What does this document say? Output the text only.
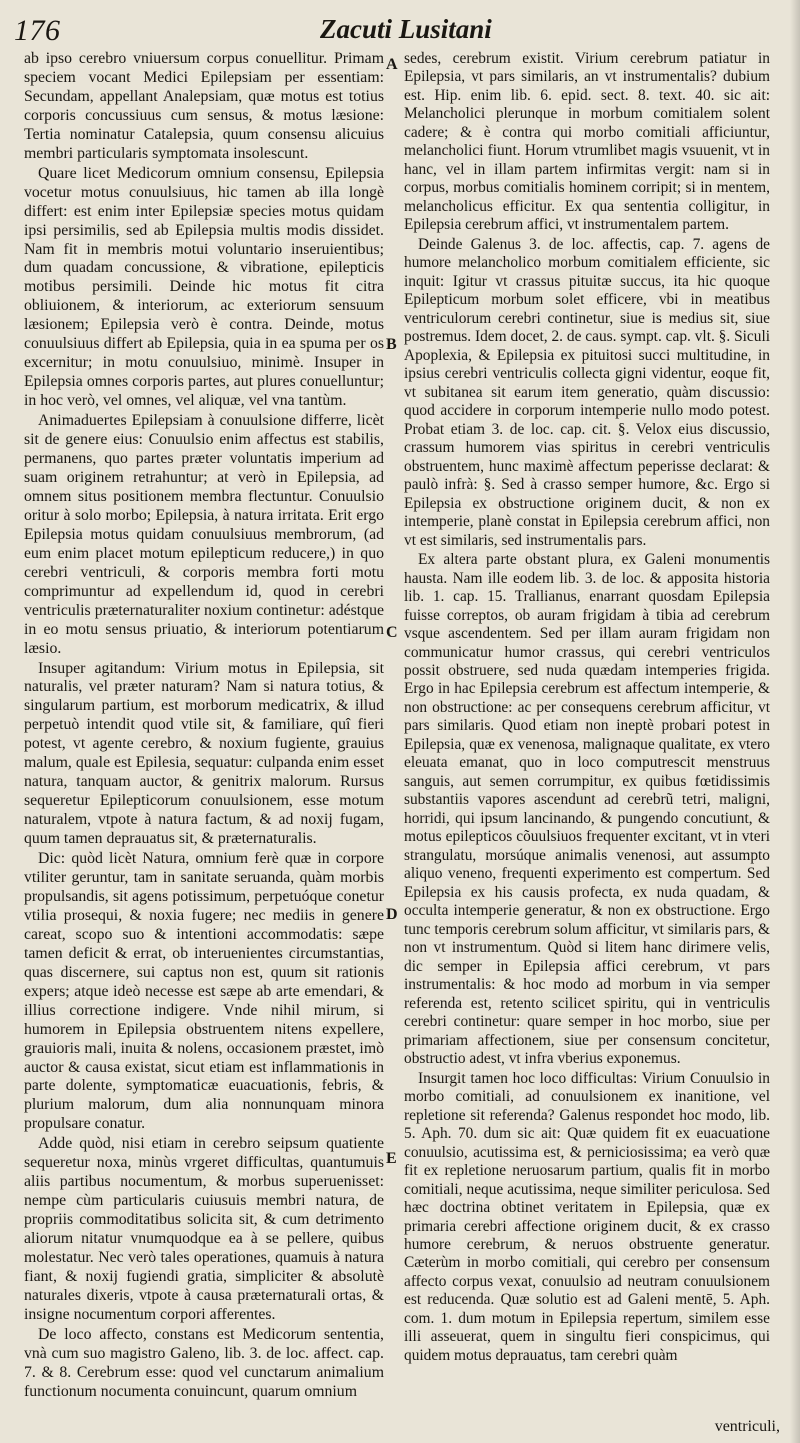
176	Zacuti Lusitani

ab ipso cerebro vniuersum corpus conuellitur. Primam speciem vocant Medici Epilepsiam per essentiam: Secundam, appellant Analepsiam, quæ motus est totius corporis concussiuus cum sensus, & motus læsione: Tertia nominatur Catalepsia, quum consensu alicuius membri particularis symptomata insolescunt.

Quare licet Medicorum omnium consensu, Epilepsia vocetur motus conuulsiuus, hic tamen ab illa longè differt: est enim inter Epilepsiæ species motus quidam ipsi persimilis, sed ab Epilepsia multis modis dissidet. Nam fit in membris motui voluntario inseruientibus; dum quadam concussione, & vibratione, epilepticis motibus persimili. Deinde hic motus fit citra obliuionem, & interiorum, ac exteriorum sensuum læsionem; Epilepsia verò è contra. Deinde, motus conuulsiuus differt ab Epilepsia, quia in ea spuma per os excernitur; in motu conuulsiuo, minimè. Insuper in Epilepsia omnes corporis partes, aut plures conuelluntur; in hoc verò, vel omnes, vel aliquæ, vel vna tantùm.

Animaduertes Epilepsiam à conuulsione differre, licèt sit de genere eius: Conuulsio enim affectus est stabilis, permanens, quo partes præter voluntatis imperium ad suam originem retrahuntur; at verò in Epilepsia, ad omnem situs positionem membra flectuntur. Conuulsio oritur à solo morbo; Epilepsia, à natura irritata. Erit ergo Epilepsia motus quidam conuulsiuus membrorum, (ad eum enim placet motum epilepticum reducere,) in quo cerebri ventriculi, & corporis membra forti motu comprimuntur ad expellendum id, quod in cerebri ventriculis præternaturaliter noxium continetur: adéstque in eo motu sensus priuatio, & interiorum potentiarum læsio.

Insuper agitandum: Virium motus in Epilepsia, sit naturalis, vel præter naturam? Nam si natura totius, & singularum partium, est morborum medicatrix, & illud perpetuò intendit quod vtile sit, & familiare, quî fieri potest, vt agente cerebro, & noxium fugiente, grauius malum, quale est Epilesia, sequatur: culpanda enim esset natura, tanquam auctor, & genitrix malorum. Rursus sequeretur Epilepticorum conuulsionem, esse motum naturalem, vtpote à natura factum, & ad noxij fugam, quum tamen deprauatus sit, & præternaturalis.

Dic: quòd licèt Natura, omnium ferè quæ in corpore vtiliter geruntur, tam in sanitate seruanda, quàm morbis propulsandis, sit agens potissimum, perpetuóque conetur vtilia prosequi, & noxia fugere; nec mediis in genere careat, scopo suo & intentioni accommodatis: sæpe tamen deficit & errat, ob interuenientes circumstantias, quas discernere, sui captus non est, quum sit rationis expers; atque ideò necesse est sæpe ab arte emendari, & illius correctione indigere. Vnde nihil mirum, si humorem in Epilepsia obstruentem nitens expellere, grauioris mali, inuita & nolens, occasionem præstet, imò auctor & causa existat, sicut etiam est inflammationis in parte dolente, symptomaticæ euacuationis, febris, & plurium malorum, dum alia nonnunquam minora propulsare conatur.

Adde quòd, nisi etiam in cerebro seipsum quatiente sequeretur noxa, minùs vrgeret difficultas, quantumuis aliis partibus nocumentum, & morbus superuenisset: nempe cùm particularis cuiusuis membri natura, de propriis commoditatibus solicita sit, & cum detrimento aliorum nitatur vnumquodque ea à se pellere, quibus molestatur. Nec verò tales operationes, quamuis à natura fiant, & noxij fugiendi gratia, simpliciter & absolutè naturales dixeris, vtpote à causa præternaturali ortas, & insigne nocumentum corpori afferentes.

De loco affecto, constans est Medicorum sententia, vnà cum suo magistro Galeno, lib. 3. de loc. affect. cap. 7. & 8. Cerebrum esse: quod vel cunctarum animalium functionum nocumenta conuincunt, quarum omnium

A
B
C
D
E

sedes, cerebrum existit. Virium cerebrum patiatur in Epilepsia, vt pars similaris, an vt instrumentalis? dubium est. Hip. enim lib. 6. epid. sect. 8. text. 40. sic ait: Melancholici plerunque in morbum comitialem solent cadere; & è contra qui morbo comitiali afficiuntur, melancholici fiunt. Horum vtrumlibet magis vsuuenit, vt in hanc, vel in illam partem infirmitas vergit: nam si in corpus, morbus comitialis hominem corripit; si in mentem, melancholicus efficitur. Ex qua sententia colligitur, in Epilepsia cerebrum affici, vt instrumentalem partem.

Deinde Galenus 3. de loc. affectis, cap. 7. agens de humore melancholico morbum comitialem efficiente, sic inquit: Igitur vt crassus pituitæ succus, ita hic quoque Epilepticum morbum solet efficere, vbi in meatibus ventriculorum cerebri continetur, siue is medius sit, siue postremus. Idem docet, 2. de caus. sympt. cap. vlt. §. Siculi Apoplexia, & Epilepsia ex pituitosi succi multitudine, in ipsius cerebri ventriculis collecta gigni videntur, eoque fit, vt subitanea sit earum item generatio, quàm discussio: quod accidere in corporum intemperie nullo modo potest. Probat etiam 3. de loc. cap. cit. §. Velox eius discussio, crassum humorem vias spiritus in cerebri ventriculis obstruentem, hunc maximè affectum peperisse declarat: & paulò infrà: §. Sed à crasso semper humore, &c. Ergo si Epilepsia ex obstructione originem ducit, & non ex intemperie, planè constat in Epilepsia cerebrum affici, non vt est similaris, sed instrumentalis pars.

Ex altera parte obstant plura, ex Galeni monumentis hausta. Nam ille eodem lib. 3. de loc. & apposita historia lib. 1. cap. 15. Trallianus, enarrant quosdam Epilepsia fuisse correptos, ob auram frigidam à tibia ad cerebrum vsque ascendentem. Sed per illam auram frigidam non communicatur humor crassus, qui cerebri ventriculos possit obstruere, sed nuda quædam intemperies frigida. Ergo in hac Epilepsia cerebrum est affectum intemperie, & non obstructione: ac per consequens cerebrum afficitur, vt pars similaris. Quod etiam non ineptè probari potest in Epilepsia, quæ ex venenosa, malignaque qualitate, ex vtero eleuata emanat, quo in loco computrescit menstruus sanguis, aut semen corrumpitur, ex quibus fœtidissimis substantiis vapores ascendunt ad cerebrũ tetri, maligni, horridi, qui ipsum lancinando, & pungendo concutiunt, & motus epilepticos cõuulsiuos frequenter excitant, vt in vteri strangulatu, morsúque animalis venenosi, aut assumpto aliquo veneno, frequenti experimento est compertum. Sed Epilepsia ex his causis profecta, ex nuda quadam, & occulta intemperie generatur, & non ex obstructione. Ergo tunc temporis cerebrum solum afficitur, vt similaris pars, & non vt instrumentum. Quòd si litem hanc dirimere velis, dic semper in Epilepsia affici cerebrum, vt pars instrumentalis: & hoc modo ad morbum in via semper referenda est, retento scilicet spiritu, qui in ventriculis cerebri continetur: quare semper in hoc morbo, siue per primariam affectionem, siue per consensum concitetur, obstructio adest, vt infra vberius exponemus.

Insurgit tamen hoc loco difficultas: Virium Conuulsio in morbo comitiali, ad conuulsionem ex inanitione, vel repletione sit referenda? Galenus respondet hoc modo, lib. 5. Aph. 70. dum sic ait: Quæ quidem fit ex euacuatione conuulsio, acutissima est, & perniciosissima; ea verò quæ fit ex repletione neruosarum partium, qualis fit in morbo comitiali, neque acutissima, neque similiter periculosa. Sed hæc doctrina obtinet veritatem in Epilepsia, quæ ex primaria cerebri affectione originem ducit, & ex crasso humore cerebrum, & neruos obstruente generatur. Cæterùm in morbo comitiali, qui cerebro per consensum affecto corpus vexat, conuulsio ad neutram conuulsionem est reducenda. Quæ solutio est ad Galeni mentē, 5. Aph. com. 1. dum motum in Epilepsia repertum, similem esse illi asseuerat, quem in singultu fieri conspicimus, qui quidem motus deprauatus, tam cerebri quàm

ventriculi,
